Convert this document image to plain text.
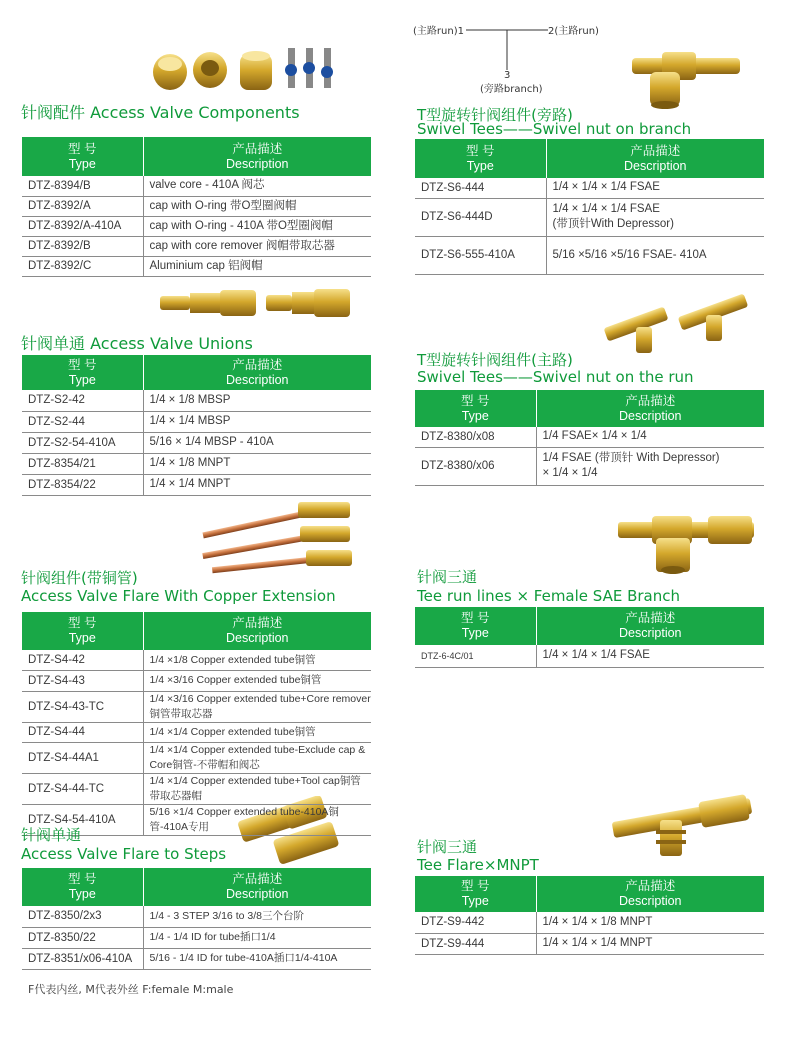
(主路run)1	2(主路run)
3
(旁路branch)
针阀配件 Access Valve Components
型 号
Type	产品描述
Description

DTZ-8394/B	valve core - 410A 阀芯
DTZ-8392/A	cap with O-ring 带O型圈阀帽
DTZ-8392/A-410A	cap with O-ring - 410A 带O型圈阀帽
DTZ-8392/B	cap with core remover 阀帽带取芯器
DTZ-8392/C	Aluminium cap 铝阀帽
T型旋转针阀组件(旁路)
Swivel Tees——Swivel nut on branch
型 号
Type	产品描述
Description

DTZ-S6-444	1/4 × 1/4 × 1/4 FSAE
DTZ-S6-444D	1/4 × 1/4 × 1/4 FSAE
(带顶针With Depressor)
DTZ-S6-555-410A	5/16 ×5/16 ×5/16 FSAE- 410A
针阀单通 Access Valve Unions
型 号
Type	产品描述
Description

DTZ-S2-42	1/4 × 1/8 MBSP
DTZ-S2-44	1/4 × 1/4 MBSP
DTZ-S2-54-410A	5/16 × 1/4 MBSP - 410A
DTZ-8354/21	1/4 × 1/8 MNPT
DTZ-8354/22	1/4 × 1/4 MNPT
T型旋转针阀组件(主路)
Swivel Tees——Swivel nut on the run
型 号
Type	产品描述
Description

DTZ-8380/x08	1/4 FSAE× 1/4 × 1/4
DTZ-8380/x06	1/4 FSAE (带顶针 With Depressor)
× 1/4 × 1/4
针阀组件(带铜管)
Access Valve Flare With Copper Extension
型 号
Type	产品描述
Description

DTZ-S4-42	1/4 ×1/8 Copper extended tube铜管
DTZ-S4-43	1/4 ×3/16 Copper extended tube铜管
DTZ-S4-43-TC	1/4 ×3/16 Copper extended tube+Core remover铜管带取芯器
DTZ-S4-44	1/4 ×1/4 Copper extended tube铜管
DTZ-S4-44A1	1/4 ×1/4 Copper extended tube-Exclude cap & Core铜管-不带帽和阀芯
DTZ-S4-44-TC	1/4 ×1/4 Copper extended tube+Tool cap铜管带取芯器帽
DTZ-S4-54-410A	5/16 ×1/4 Copper extended tube-410A铜管-410A专用
针阀三通
Tee run lines × Female SAE Branch
型 号
Type	产品描述
Description

DTZ-6-4C/01	1/4 × 1/4 × 1/4 FSAE
针阀单通
Access Valve Flare to Steps
型 号
Type	产品描述
Description

DTZ-8350/2x3	1/4 - 3 STEP 3/16 to 3/8三个台阶
DTZ-8350/22	1/4 - 1/4 ID for tube插口1/4
DTZ-8351/x06-410A	5/16 - 1/4 ID for tube-410A插口1/4-410A
针阀三通
Tee Flare×MNPT
型 号
Type	产品描述
Description

DTZ-S9-442	1/4 × 1/4 × 1/8 MNPT
DTZ-S9-444	1/4 × 1/4 × 1/4 MNPT
F代表内丝, M代表外丝 F:female M:male
